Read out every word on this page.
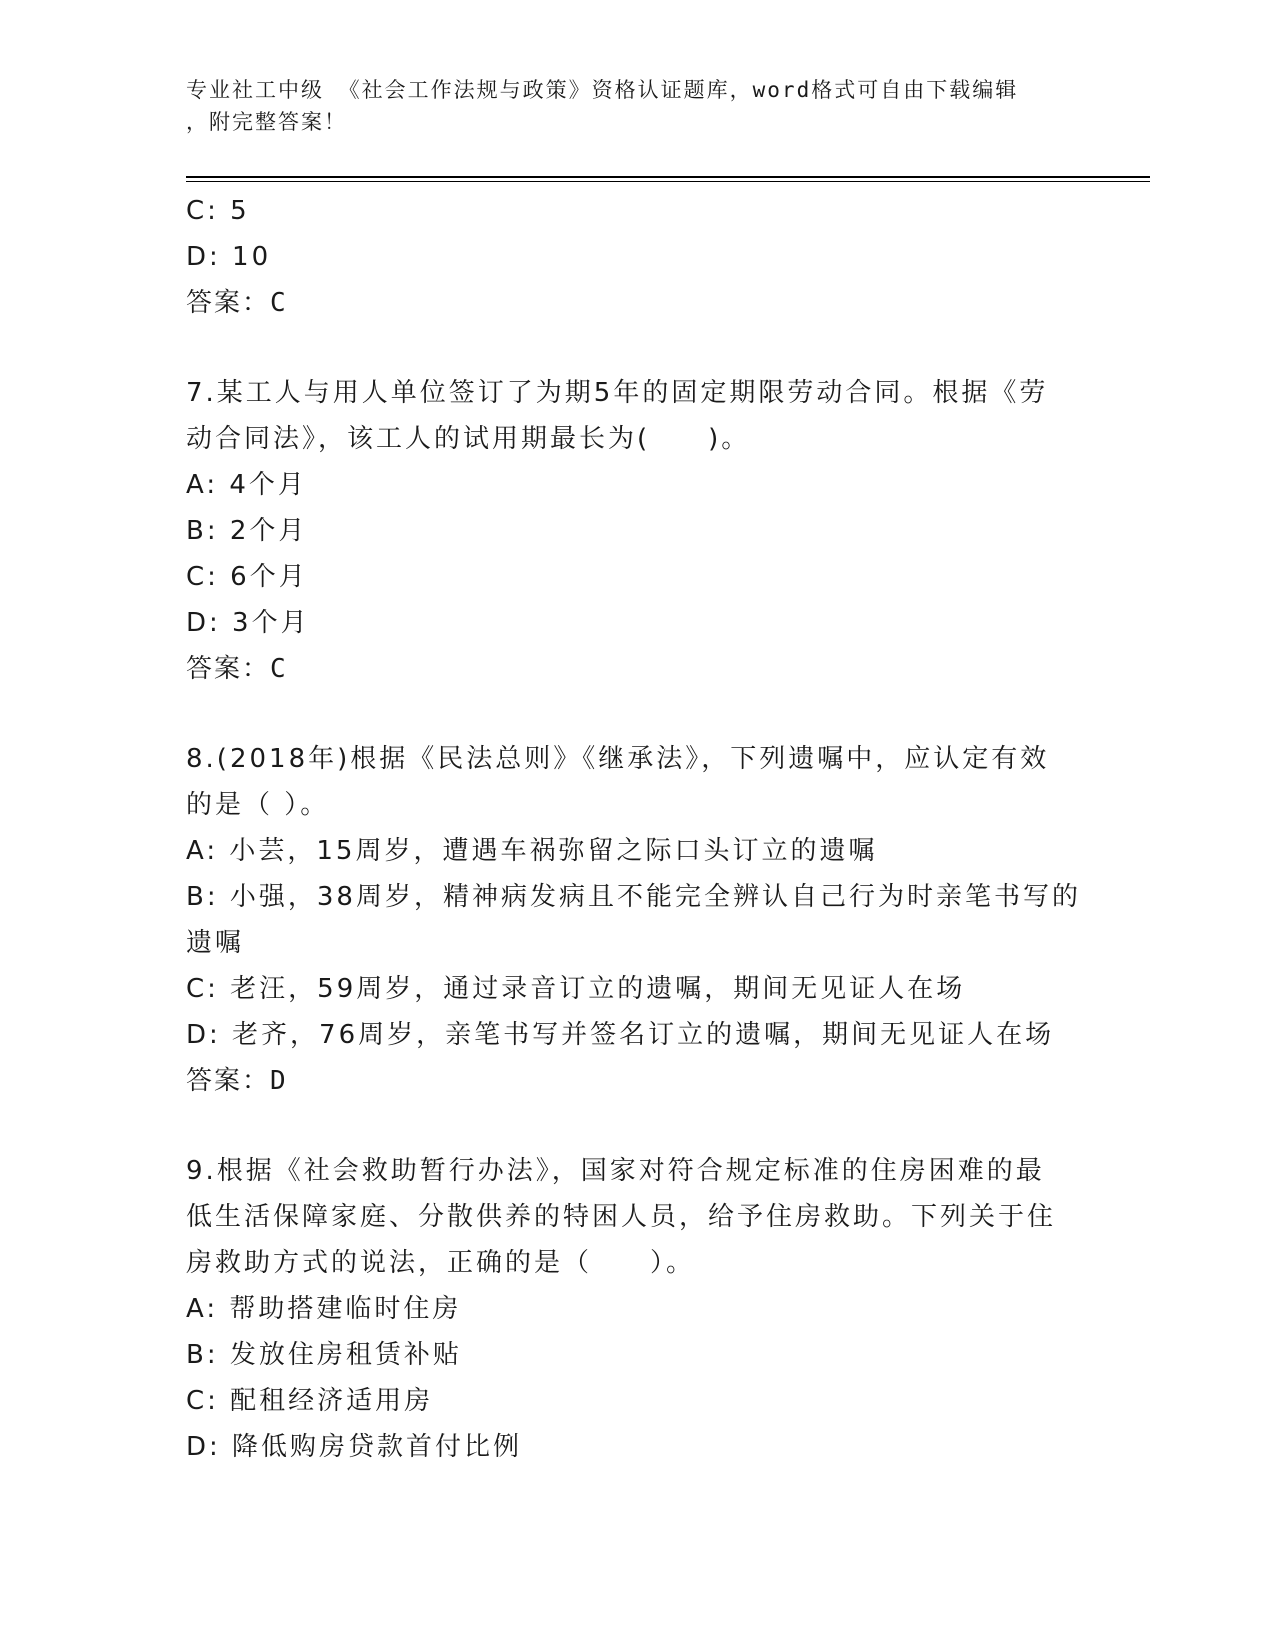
专业社工中级 《社会工作法规与政策》资格认证题库，word格式可自由下载编辑
，附完整答案！
C: 5
D: 10
答案：C
7.某工人与用人单位签订了为期5年的固定期限劳动合同。根据《劳
动合同法》，该工人的试用期最长为(　　)。
A: 4个月
B: 2个月
C: 6个月
D: 3个月
答案：C
8.(2018年)根据《民法总则》《继承法》，下列遗嘱中，应认定有效
的是（ ）。
A: 小芸，15周岁，遭遇车祸弥留之际口头订立的遗嘱
B: 小强，38周岁，精神病发病且不能完全辨认自己行为时亲笔书写的
遗嘱
C: 老汪，59周岁，通过录音订立的遗嘱，期间无见证人在场
D: 老齐，76周岁，亲笔书写并签名订立的遗嘱，期间无见证人在场
答案：D
9.根据《社会救助暂行办法》，国家对符合规定标准的住房困难的最
低生活保障家庭、分散供养的特困人员，给予住房救助。下列关于住
房救助方式的说法，正确的是（　　）。
A: 帮助搭建临时住房
B: 发放住房租赁补贴
C: 配租经济适用房
D: 降低购房贷款首付比例
